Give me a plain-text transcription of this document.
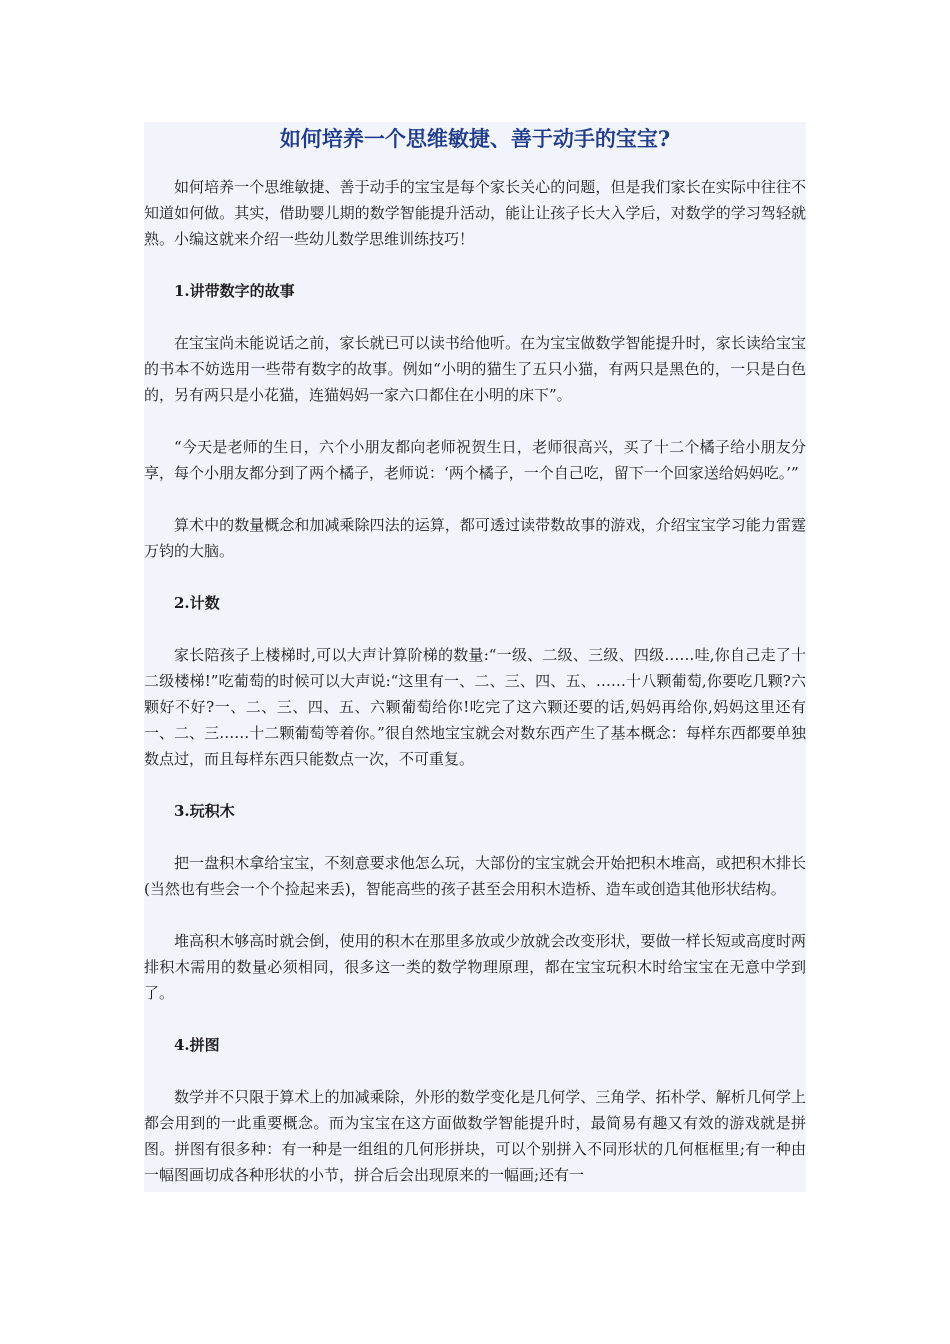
如何培养一个思维敏捷、善于动手的宝宝?

如何培养一个思维敏捷、善于动手的宝宝是每个家长关心的问题，但是我们家长在实际中往往不知道如何做。其实，借助婴儿期的数学智能提升活动，能让让孩子长大入学后，对数学的学习驾轻就熟。小编这就来介绍一些幼儿数学思维训练技巧！

1.讲带数字的故事

在宝宝尚未能说话之前，家长就已可以读书给他听。在为宝宝做数学智能提升时，家长读给宝宝的书本不妨选用一些带有数字的故事。例如“小明的猫生了五只小猫，有两只是黑色的，一只是白色的，另有两只是小花猫，连猫妈妈一家六口都住在小明的床下”。

“今天是老师的生日，六个小朋友都向老师祝贺生日，老师很高兴，买了十二个橘子给小朋友分享，每个小朋友都分到了两个橘子，老师说：‘两个橘子，一个自己吃，留下一个回家送给妈妈吃。’”

算术中的数量概念和加减乘除四法的运算，都可透过读带数故事的游戏，介绍宝宝学习能力雷霆万钧的大脑。

2.计数

家长陪孩子上楼梯时,可以大声计算阶梯的数量:“一级、二级、三级、四级……哇,你自己走了十二级楼梯!”吃葡萄的时候可以大声说:“这里有一、二、三、四、五、……十八颗葡萄,你要吃几颗?六颗好不好?一、二、三、四、五、六颗葡萄给你!吃完了这六颗还要的话,妈妈再给你,妈妈这里还有一、二、三……十二颗葡萄等着你。”很自然地宝宝就会对数东西产生了基本概念：每样东西都要单独数点过，而且每样东西只能数点一次，不可重复。

3.玩积木

把一盘积木拿给宝宝，不刻意要求他怎么玩，大部份的宝宝就会开始把积木堆高，或把积木排长(当然也有些会一个个捡起来丢)，智能高些的孩子甚至会用积木造桥、造车或创造其他形状结构。

堆高积木够高时就会倒，使用的积木在那里多放或少放就会改变形状，要做一样长短或高度时两排积木需用的数量必须相同，很多这一类的数学物理原理，都在宝宝玩积木时给宝宝在无意中学到了。

4.拼图

数学并不只限于算术上的加减乘除，外形的数学变化是几何学、三角学、拓朴学、解析几何学上都会用到的一此重要概念。而为宝宝在这方面做数学智能提升时，最简易有趣又有效的游戏就是拼图。拼图有很多种：有一种是一组组的几何形拼块，可以个别拼入不同形状的几何框框里;有一种由一幅图画切成各种形状的小节，拼合后会出现原来的一幅画;还有一
